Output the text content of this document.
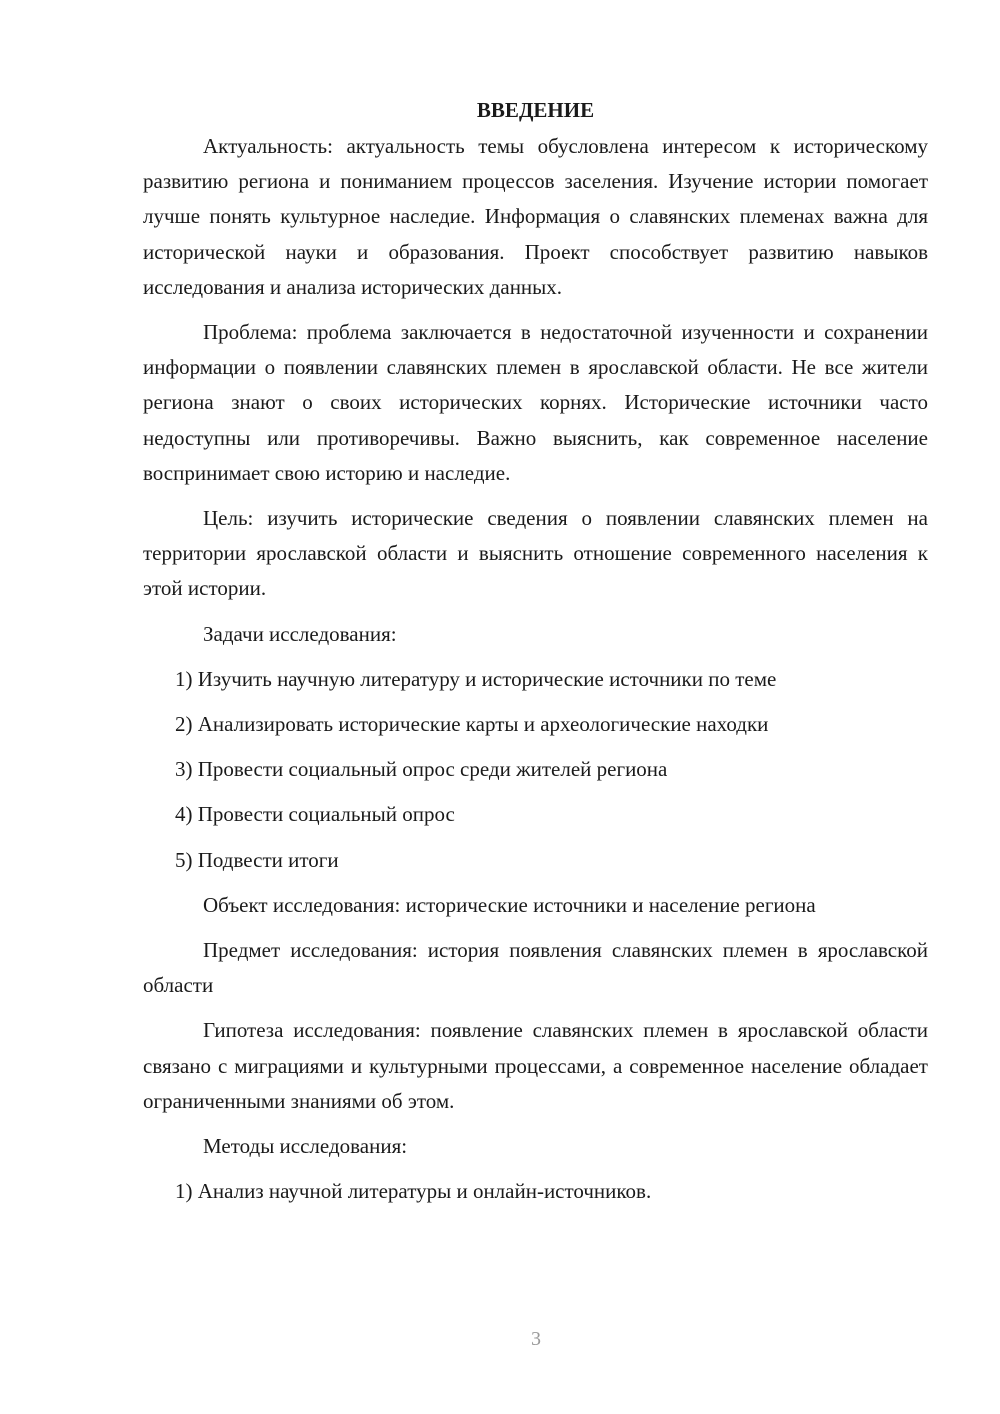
ВВЕДЕНИЕ

Актуальность: актуальность темы обусловлена интересом к историческому развитию региона и пониманием процессов заселения. Изучение истории помогает лучше понять культурное наследие. Информация о славянских племенах важна для исторической науки и образования. Проект способствует развитию навыков исследования и анализа исторических данных.

Проблема: проблема заключается в недостаточной изученности и сохранении информации о появлении славянских племен в ярославской области. Не все жители региона знают о своих исторических корнях. Исторические источники часто недоступны или противоречивы. Важно выяснить, как современное население воспринимает свою историю и наследие.

Цель: изучить исторические сведения о появлении славянских племен на территории ярославской области и выяснить отношение современного населения к этой истории.

Задачи исследования:
1) Изучить научную литературу и исторические источники по теме
2) Анализировать исторические карты и археологические находки
3) Провести социальный опрос среди жителей региона
4) Провести социальный опрос
5) Подвести итоги
Объект исследования: исторические источники и население региона

Предмет исследования: история появления славянских племен в ярославской области

Гипотеза исследования: появление славянских племен в ярославской области связано с миграциями и культурными процессами, а современное население обладает ограниченными знаниями об этом.

Методы исследования:
1) Анализ научной литературы и онлайн-источников.
3
